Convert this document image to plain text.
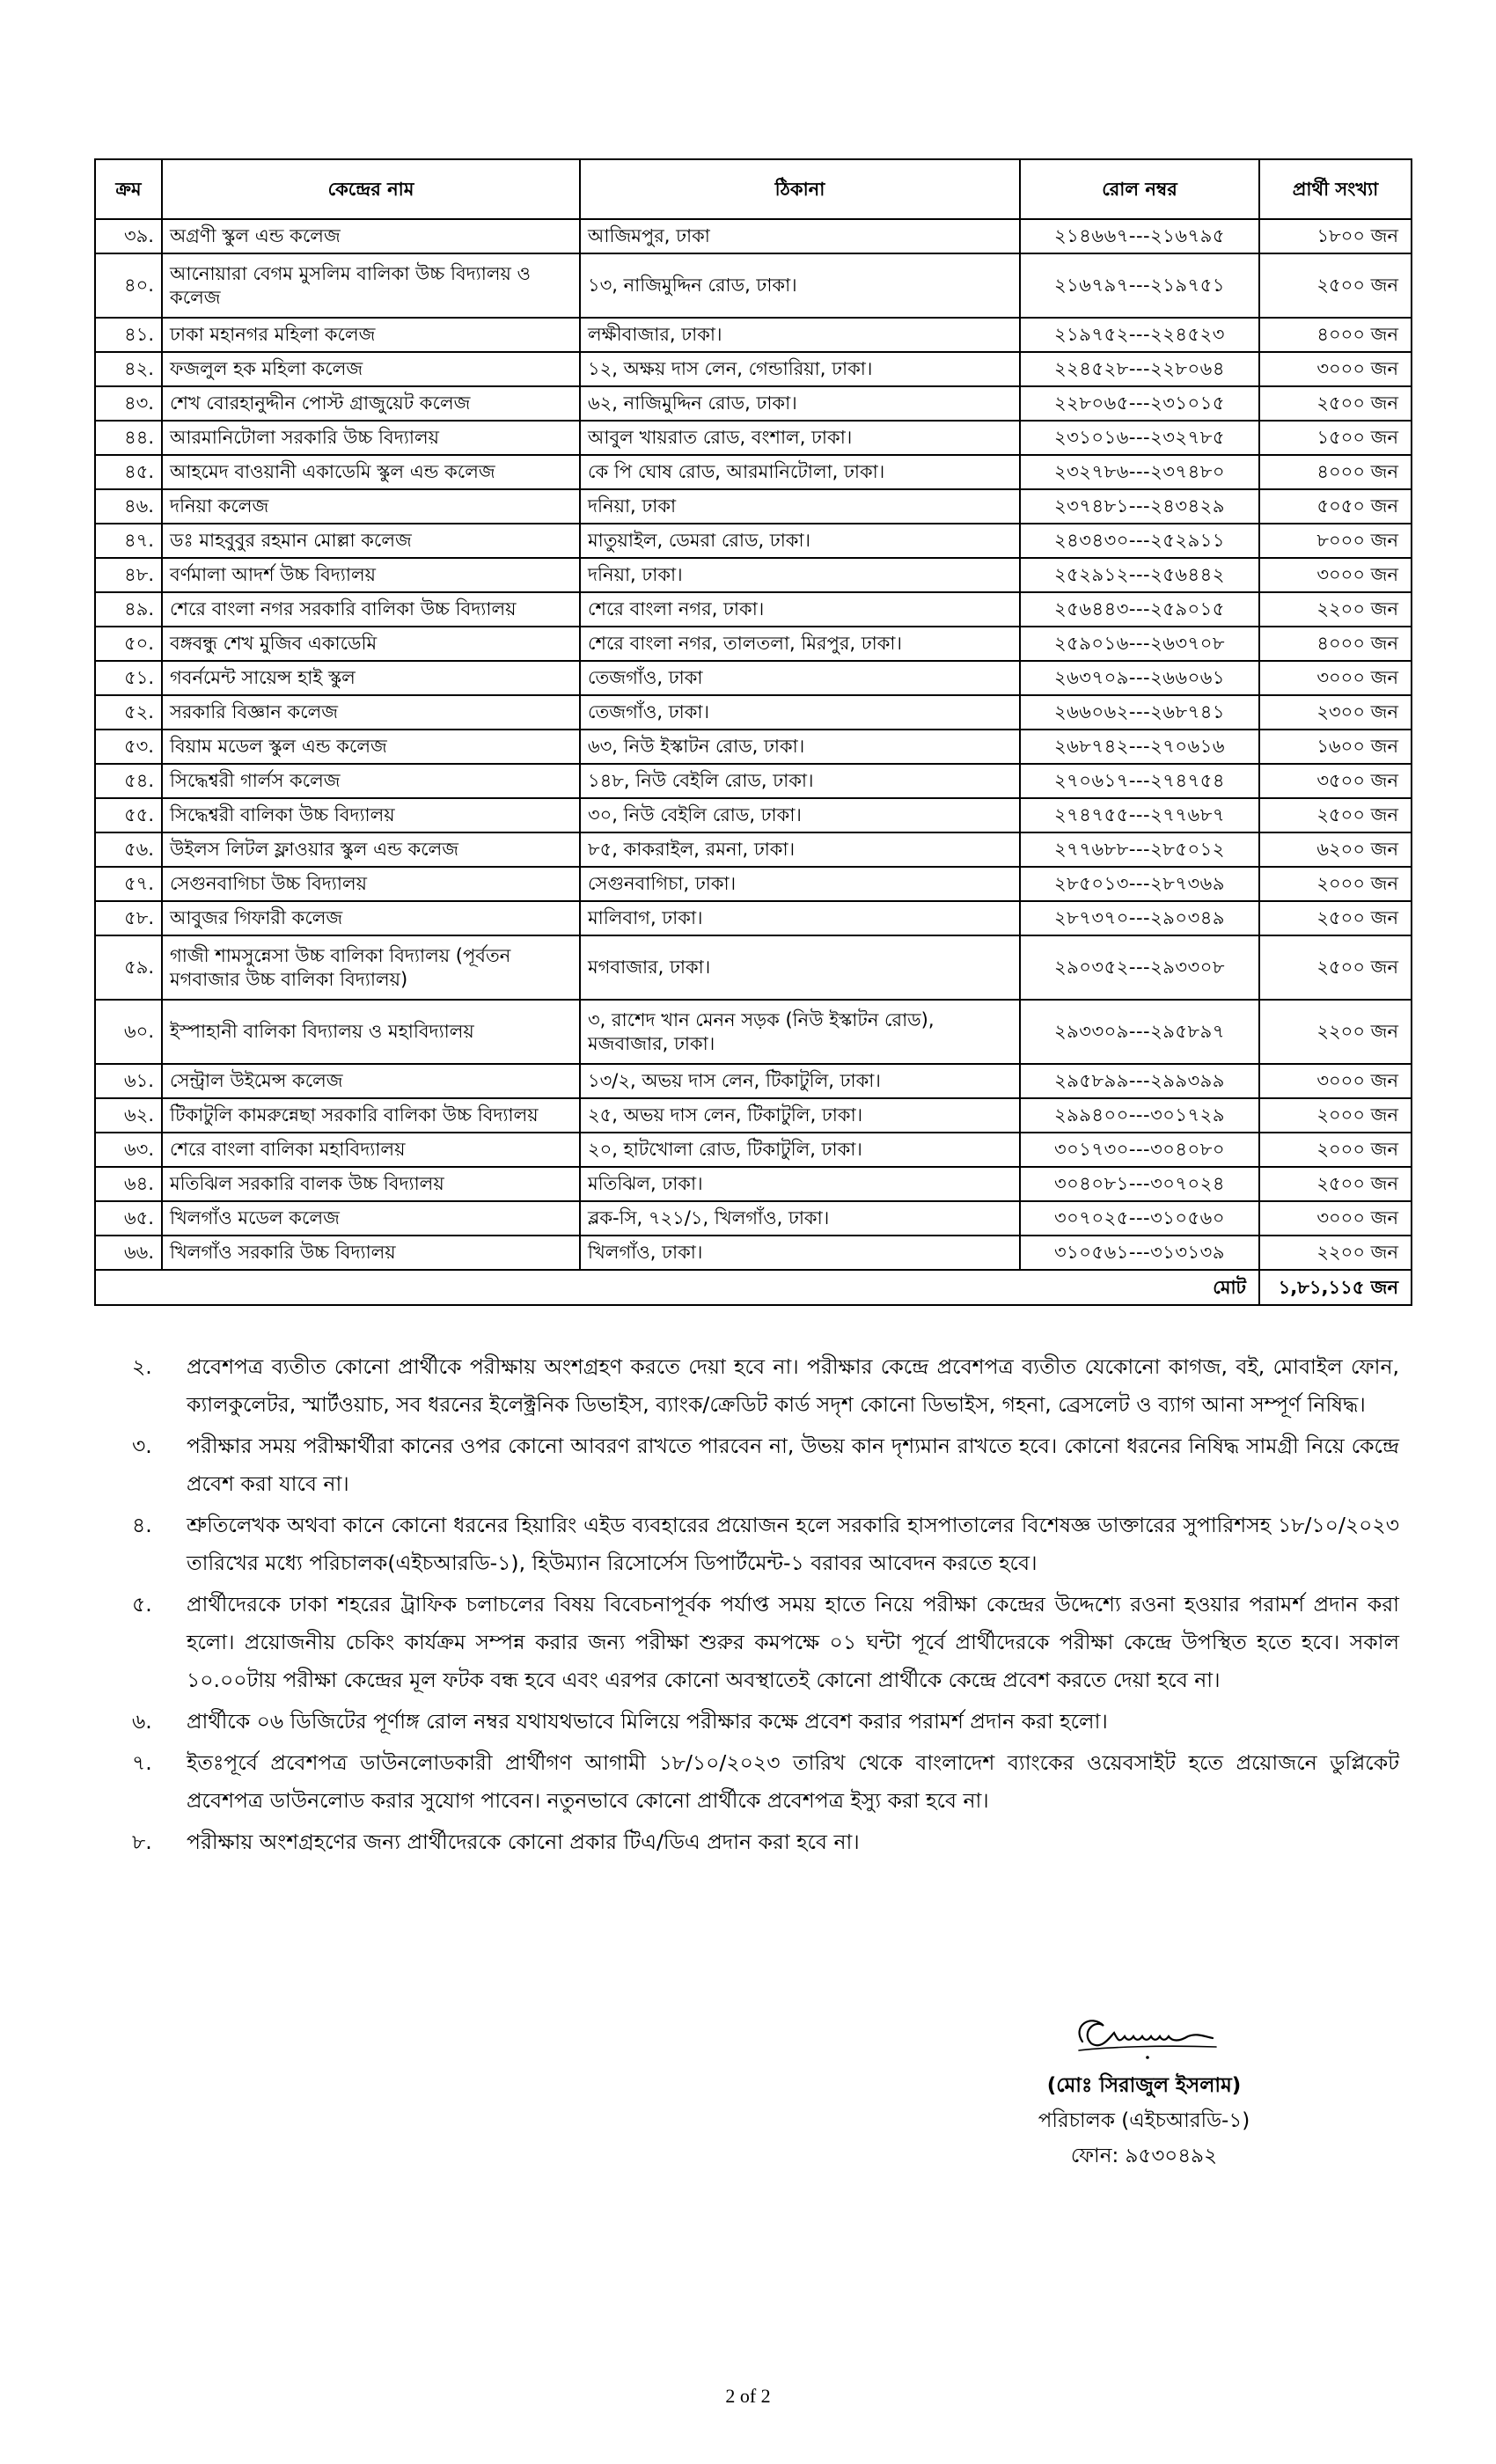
ক্রম	কেন্দ্রের নাম	ঠিকানা	রোল নম্বর	প্রার্থী সংখ্যা
৩৯.	অগ্রণী স্কুল এন্ড কলেজ	আজিমপুর, ঢাকা	২১৪৬৬৭---২১৬৭৯৫	১৮০০ জন
৪০.	আনোয়ারা বেগম মুসলিম বালিকা উচ্চ বিদ্যালয় ও কলেজ	১৩, নাজিমুদ্দিন রোড, ঢাকা।	২১৬৭৯৭---২১৯৭৫১	২৫০০ জন
৪১.	ঢাকা মহানগর মহিলা কলেজ	লক্ষীবাজার, ঢাকা।	২১৯৭৫২---২২৪৫২৩	৪০০০ জন
৪২.	ফজলুল হক মহিলা কলেজ	১২, অক্ষয় দাস লেন, গেন্ডারিয়া, ঢাকা।	২২৪৫২৮---২২৮০৬৪	৩০০০ জন
৪৩.	শেখ বোরহানুদ্দীন পোস্ট গ্রাজুয়েট কলেজ	৬২, নাজিমুদ্দিন রোড, ঢাকা।	২২৮০৬৫---২৩১০১৫	২৫০০ জন
৪৪.	আরমানিটোলা সরকারি উচ্চ বিদ্যালয়	আবুল খায়রাত রোড, বংশাল, ঢাকা।	২৩১০১৬---২৩২৭৮৫	১৫০০ জন
৪৫.	আহমেদ বাওয়ানী একাডেমি স্কুল এন্ড কলেজ	কে পি ঘোষ রোড, আরমানিটোলা, ঢাকা।	২৩২৭৮৬---২৩৭৪৮০	৪০০০ জন
৪৬.	দনিয়া কলেজ	দনিয়া, ঢাকা	২৩৭৪৮১---২৪৩৪২৯	৫০৫০ জন
৪৭.	ডঃ মাহবুবুর রহমান মোল্লা কলেজ	মাতুয়াইল, ডেমরা রোড, ঢাকা।	২৪৩৪৩০---২৫২৯১১	৮০০০ জন
৪৮.	বর্ণমালা আদর্শ উচ্চ বিদ্যালয়	দনিয়া, ঢাকা।	২৫২৯১২---২৫৬৪৪২	৩০০০ জন
৪৯.	শেরে বাংলা নগর সরকারি বালিকা উচ্চ বিদ্যালয়	শেরে বাংলা নগর, ঢাকা।	২৫৬৪৪৩---২৫৯০১৫	২২০০ জন
৫০.	বঙ্গবন্ধু শেখ মুজিব একাডেমি	শেরে বাংলা নগর, তালতলা, মিরপুর, ঢাকা।	২৫৯০১৬---২৬৩৭০৮	৪০০০ জন
৫১.	গবর্নমেন্ট সায়েন্স হাই স্কুল	তেজগাঁও, ঢাকা	২৬৩৭০৯---২৬৬০৬১	৩০০০ জন
৫২.	সরকারি বিজ্ঞান কলেজ	তেজগাঁও, ঢাকা।	২৬৬০৬২---২৬৮৭৪১	২৩০০ জন
৫৩.	বিয়াম মডেল স্কুল এন্ড কলেজ	৬৩, নিউ ইস্কাটন রোড, ঢাকা।	২৬৮৭৪২---২৭০৬১৬	১৬০০ জন
৫৪.	সিদ্ধেশ্বরী গার্লস কলেজ	১৪৮, নিউ বেইলি রোড, ঢাকা।	২৭০৬১৭---২৭৪৭৫৪	৩৫০০ জন
৫৫.	সিদ্ধেশ্বরী বালিকা উচ্চ বিদ্যালয়	৩০, নিউ বেইলি রোড, ঢাকা।	২৭৪৭৫৫---২৭৭৬৮৭	২৫০০ জন
৫৬.	উইলস লিটল ফ্লাওয়ার স্কুল এন্ড কলেজ	৮৫, কাকরাইল, রমনা, ঢাকা।	২৭৭৬৮৮---২৮৫০১২	৬২০০ জন
৫৭.	সেগুনবাগিচা উচ্চ বিদ্যালয়	সেগুনবাগিচা, ঢাকা।	২৮৫০১৩---২৮৭৩৬৯	২০০০ জন
৫৮.	আবুজর গিফারী কলেজ	মালিবাগ, ঢাকা।	২৮৭৩৭০---২৯০৩৪৯	২৫০০ জন
৫৯.	গাজী শামসুন্নেসা উচ্চ বালিকা বিদ্যালয় (পূর্বতন মগবাজার উচ্চ বালিকা বিদ্যালয়)	মগবাজার, ঢাকা।	২৯০৩৫২---২৯৩৩০৮	২৫০০ জন
৬০.	ইস্পাহানী বালিকা বিদ্যালয় ও মহাবিদ্যালয়	৩, রাশেদ খান মেনন সড়ক (নিউ ইস্কাটন রোড), মজবাজার, ঢাকা।	২৯৩৩০৯---২৯৫৮৯৭	২২০০ জন
৬১.	সেন্ট্রাল উইমেন্স কলেজ	১৩/২, অভয় দাস লেন, টিকাটুলি, ঢাকা।	২৯৫৮৯৯---২৯৯৩৯৯	৩০০০ জন
৬২.	টিকাটুলি কামরুন্নেছা সরকারি বালিকা উচ্চ বিদ্যালয়	২৫, অভয় দাস লেন, টিকাটুলি, ঢাকা।	২৯৯৪০০---৩০১৭২৯	২০০০ জন
৬৩.	শেরে বাংলা বালিকা মহাবিদ্যালয়	২০, হাটখোলা রোড, টিকাটুলি, ঢাকা।	৩০১৭৩০---৩০৪০৮০	২০০০ জন
৬৪.	মতিঝিল সরকারি বালক উচ্চ বিদ্যালয়	মতিঝিল, ঢাকা।	৩০৪০৮১---৩০৭০২৪	২৫০০ জন
৬৫.	খিলগাঁও মডেল কলেজ	ব্লক-সি, ৭২১/১, খিলগাঁও, ঢাকা।	৩০৭০২৫---৩১০৫৬০	৩০০০ জন
৬৬.	খিলগাঁও সরকারি উচ্চ বিদ্যালয়	খিলগাঁও, ঢাকা।	৩১০৫৬১---৩১৩১৩৯	২২০০ জন
মোট				১,৮১,১১৫ জন
২. প্রবেশপত্র ব্যতীত কোনো প্রার্থীকে পরীক্ষায় অংশগ্রহণ করতে দেয়া হবে না। পরীক্ষার কেন্দ্রে প্রবেশপত্র ব্যতীত যেকোনো কাগজ, বই, মোবাইল ফোন, ক্যালকুলেটর, স্মার্টওয়াচ, সব ধরনের ইলেক্ট্রনিক ডিভাইস, ব্যাংক/ক্রেডিট কার্ড সদৃশ কোনো ডিভাইস, গহনা, ব্রেসলেট ও ব্যাগ আনা সম্পূর্ণ নিষিদ্ধ।
৩. পরীক্ষার সময় পরীক্ষার্থীরা কানের ওপর কোনো আবরণ রাখতে পারবেন না, উভয় কান দৃশ্যমান রাখতে হবে। কোনো ধরনের নিষিদ্ধ সামগ্রী নিয়ে কেন্দ্রে প্রবেশ করা যাবে না।
৪. শ্রুতিলেখক অথবা কানে কোনো ধরনের হিয়ারিং এইড ব্যবহারের প্রয়োজন হলে সরকারি হাসপাতালের বিশেষজ্ঞ ডাক্তারের সুপারিশসহ ১৮/১০/২০২৩ তারিখের মধ্যে পরিচালক(এইচআরডি-১), হিউম্যান রিসোর্সেস ডিপার্টমেন্ট-১ বরাবর আবেদন করতে হবে।
৫. প্রার্থীদেরকে ঢাকা শহরের ট্রাফিক চলাচলের বিষয় বিবেচনাপূর্বক পর্যাপ্ত সময় হাতে নিয়ে পরীক্ষা কেন্দ্রের উদ্দেশ্যে রওনা হওয়ার পরামর্শ প্রদান করা হলো। প্রয়োজনীয় চেকিং কার্যক্রম সম্পন্ন করার জন্য পরীক্ষা শুরুর কমপক্ষে ০১ ঘন্টা পূর্বে প্রার্থীদেরকে পরীক্ষা কেন্দ্রে উপস্থিত হতে হবে। সকাল ১০.০০টায় পরীক্ষা কেন্দ্রের মূল ফটক বন্ধ হবে এবং এরপর কোনো অবস্থাতেই কোনো প্রার্থীকে কেন্দ্রে প্রবেশ করতে দেয়া হবে না।
৬. প্রার্থীকে ০৬ ডিজিটের পূর্ণাঙ্গ রোল নম্বর যথাযথভাবে মিলিয়ে পরীক্ষার কক্ষে প্রবেশ করার পরামর্শ প্রদান করা হলো।
৭. ইতঃপূর্বে প্রবেশপত্র ডাউনলোডকারী প্রার্থীগণ আগামী ১৮/১০/২০২৩ তারিখ থেকে বাংলাদেশ ব্যাংকের ওয়েবসাইট হতে প্রয়োজনে ডুপ্লিকেট প্রবেশপত্র ডাউনলোড করার সুযোগ পাবেন। নতুনভাবে কোনো প্রার্থীকে প্রবেশপত্র ইস্যু করা হবে না।
৮. পরীক্ষায় অংশগ্রহণের জন্য প্রার্থীদেরকে কোনো প্রকার টিএ/ডিএ প্রদান করা হবে না।
(মোঃ সিরাজুল ইসলাম)
পরিচালক (এইচআরডি-১)
ফোন: ৯৫৩০৪৯২
2 of 2
